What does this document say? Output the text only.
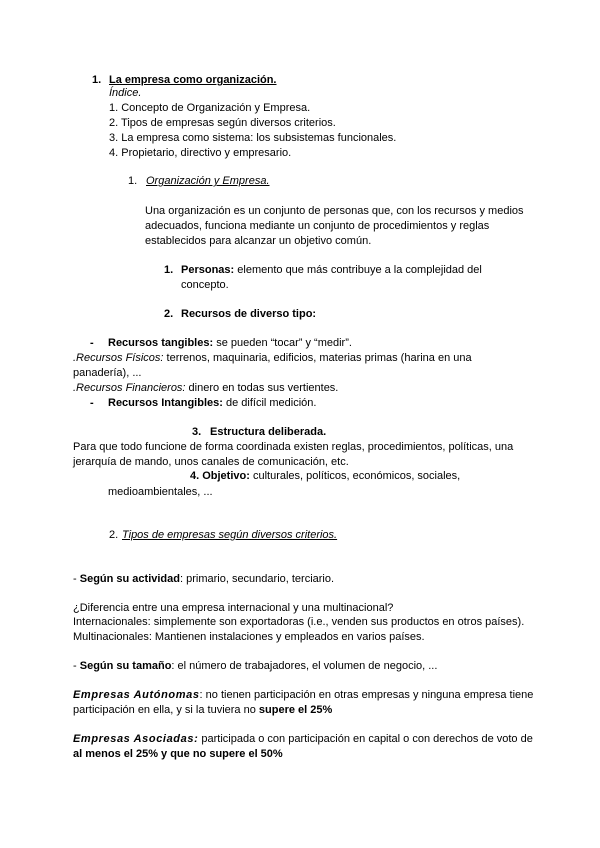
1. La empresa como organización.
Índice.
1. Concepto de Organización y Empresa.
2. Tipos de empresas según diversos criterios.
3. La empresa como sistema: los subsistemas funcionales.
4. Propietario, directivo y empresario.
1. Organización y Empresa.
Una organización es un conjunto de personas que, con los recursos y medios
adecuados, funciona mediante un conjunto de procedimientos y reglas
establecidos para alcanzar un objetivo común.
1. Personas: elemento que más contribuye a la complejidad del
concepto.
2. Recursos de diverso tipo:
- Recursos tangibles: se pueden “tocar” y “medir”.
.Recursos Físicos: terrenos, maquinaria, edificios, materias primas (harina en una
panadería), ...
.Recursos Financieros: dinero en todas sus vertientes.
- Recursos Intangibles: de difícil medición.
3. Estructura deliberada.
Para que todo funcione de forma coordinada existen reglas, procedimientos, políticas, una
jerarquía de mando, unos canales de comunicación, etc.
4. Objetivo: culturales, políticos, económicos, sociales,
medioambientales, ...
2. Tipos de empresas según diversos criterios.
- Según su actividad: primario, secundario, terciario.
¿Diferencia entre una empresa internacional y una multinacional?
Internacionales: simplemente son exportadoras (i.e., venden sus productos en otros países).
Multinacionales: Mantienen instalaciones y empleados en varios países.
- Según su tamaño: el número de trabajadores, el volumen de negocio, ...
Empresas Autónomas: no tienen participación en otras empresas y ninguna empresa tiene
participación en ella, y si la tuviera no supere el 25%
Empresas Asociadas: participada o con participación en capital o con derechos de voto de
al menos el 25% y que no supere el 50%
